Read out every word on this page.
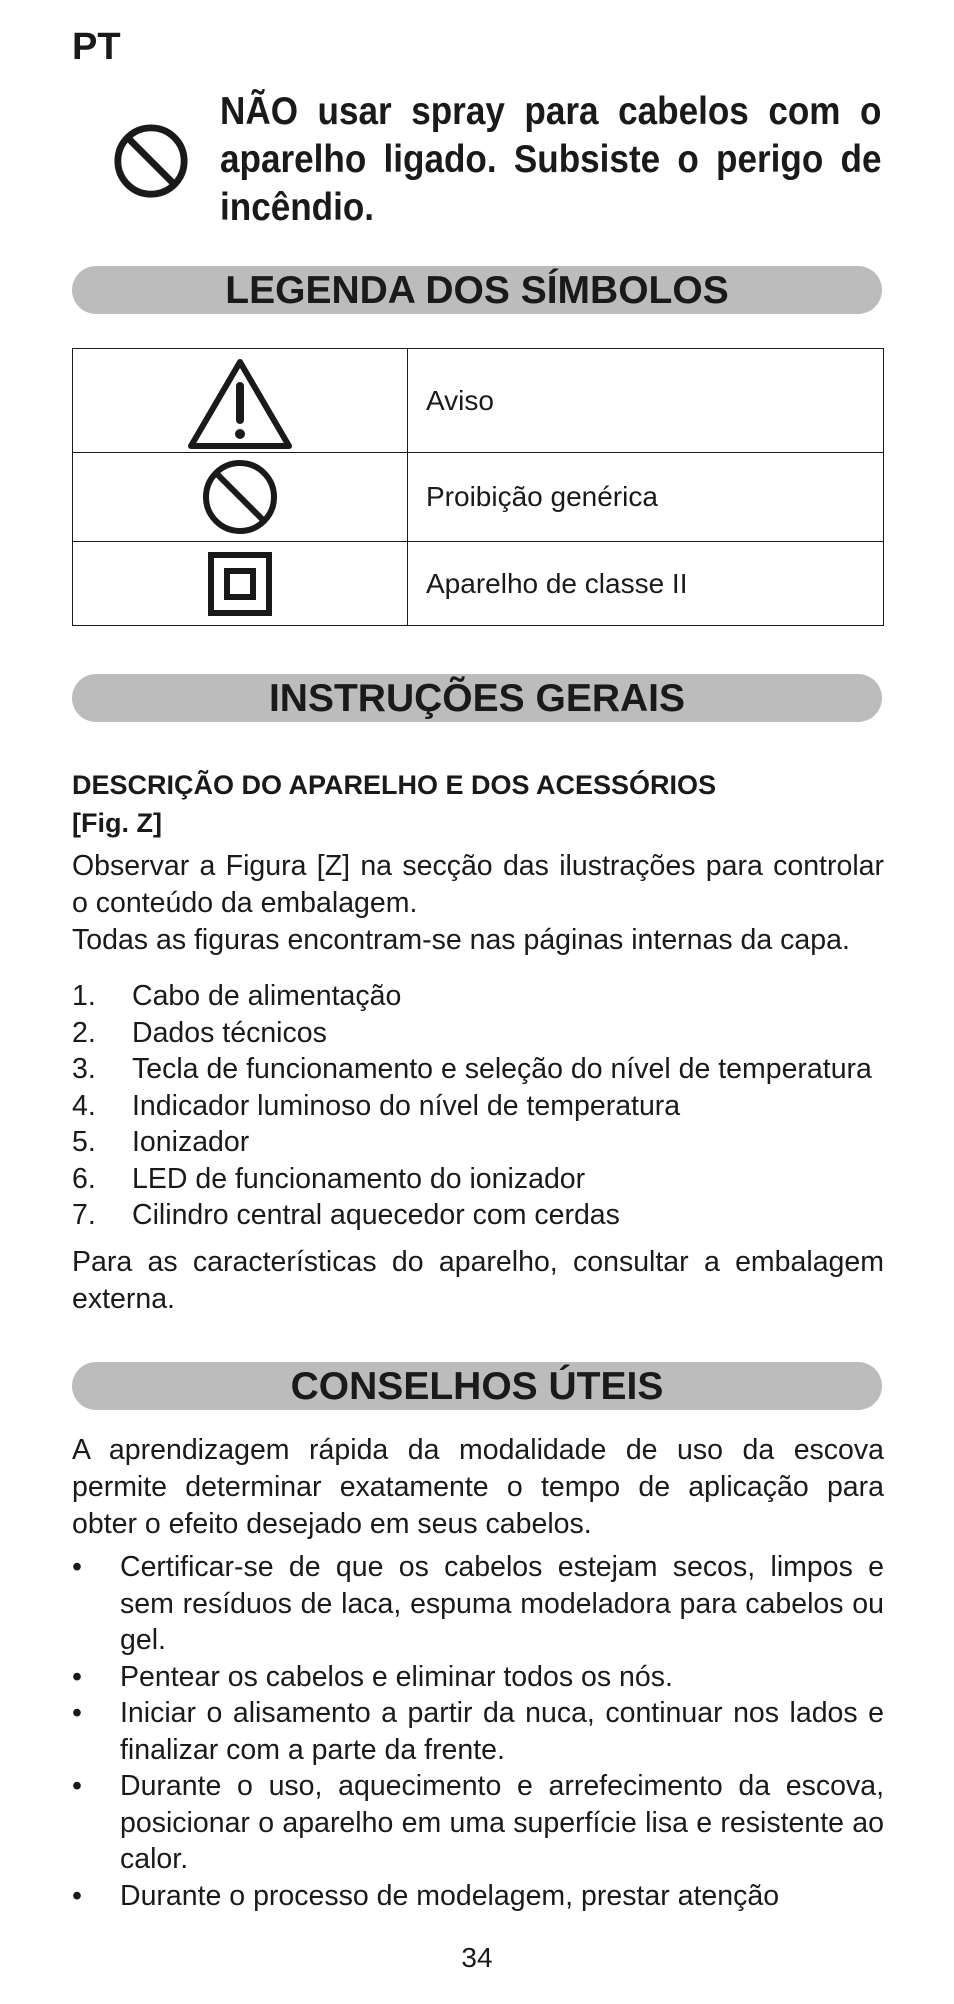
PT
NÃO usar spray para cabelos com o aparelho ligado. Subsiste o perigo de incêndio.
LEGENDA DOS SÍMBOLOS
	Aviso

	Proibição genérica

	Aparelho de classe II
INSTRUÇÕES GERAIS
DESCRIÇÃO DO APARELHO E DOS ACESSÓRIOS
[Fig. Z]
Observar a Figura [Z] na secção das ilustrações para controlar o conteúdo da embalagem.
Todas as figuras encontram-se nas páginas internas da capa.
1. Cabo de alimentação
2. Dados técnicos
3. Tecla de funcionamento e seleção do nível de temperatura
4. Indicador luminoso do nível de temperatura
5. Ionizador
6. LED de funcionamento do ionizador
7. Cilindro central aquecedor com cerdas
Para as características do aparelho, consultar a embalagem externa.
CONSELHOS ÚTEIS
A aprendizagem rápida da modalidade de uso da escova permite determinar exatamente o tempo de aplicação para obter o efeito desejado em seus cabelos.
• Certificar-se de que os cabelos estejam secos, limpos e sem resíduos de laca, espuma modeladora para cabelos ou gel.
• Pentear os cabelos e eliminar todos os nós.
• Iniciar o alisamento a partir da nuca, continuar nos lados e finalizar com a parte da frente.
• Durante o uso, aquecimento e arrefecimento da escova, posicionar o aparelho em uma superfície lisa e resistente ao calor.
• Durante o processo de modelagem, prestar atenção
34
